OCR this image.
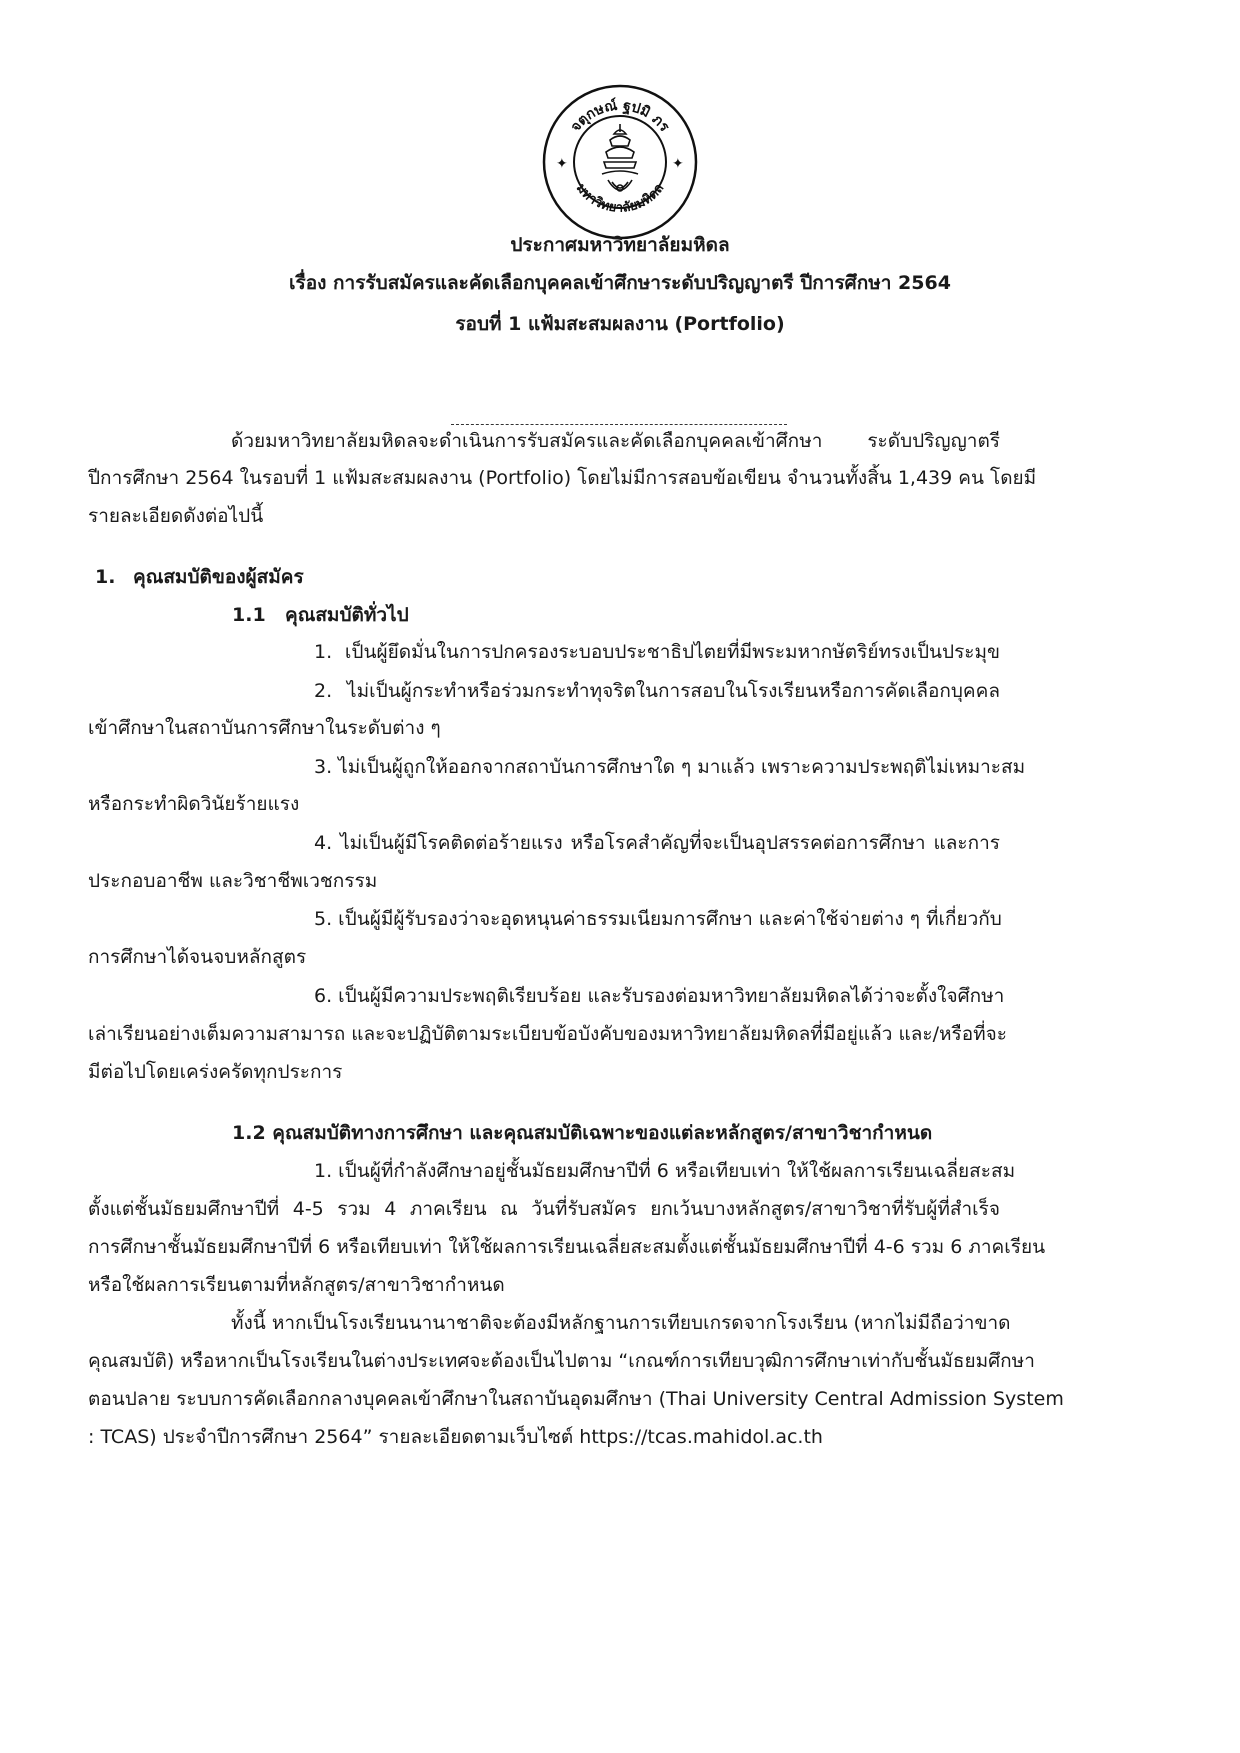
จตุกษณ์ ฐปมิ ภร
มหาวิทยาลัยมหิดล
✦	✦
ประกาศมหาวิทยาลัยมหิดล
เรื่อง การรับสมัครและคัดเลือกบุคคลเข้าศึกษาระดับปริญญาตรี ปีการศึกษา 2564
รอบที่ 1 แฟ้มสะสมผลงาน (Portfolio)
ด้วยมหาวิทยาลัยมหิดลจะดำเนินการรับสมัครและคัดเลือกบุคคลเข้าศึกษา ระดับปริญญาตรี
ปีการศึกษา 2564 ในรอบที่ 1 แฟ้มสะสมผลงาน (Portfolio) โดยไม่มีการสอบข้อเขียน จำนวนทั้งสิ้น 1,439 คน โดยมี
รายละเอียดดังต่อไปนี้
1. คุณสมบัติของผู้สมัคร
1.1 คุณสมบัติทั่วไป
1. เป็นผู้ยึดมั่นในการปกครองระบอบประชาธิปไตยที่มีพระมหากษัตริย์ทรงเป็นประมุข
2. ไม่เป็นผู้กระทำหรือร่วมกระทำทุจริตในการสอบในโรงเรียนหรือการคัดเลือกบุคคล
เข้าศึกษาในสถาบันการศึกษาในระดับต่าง ๆ
3. ไม่เป็นผู้ถูกให้ออกจากสถาบันการศึกษาใด ๆ มาแล้ว เพราะความประพฤติไม่เหมาะสม
หรือกระทำผิดวินัยร้ายแรง
4. ไม่เป็นผู้มีโรคติดต่อร้ายแรง หรือโรคสำคัญที่จะเป็นอุปสรรคต่อการศึกษา และการ
ประกอบอาชีพ และวิชาชีพเวชกรรม
5. เป็นผู้มีผู้รับรองว่าจะอุดหนุนค่าธรรมเนียมการศึกษา และค่าใช้จ่ายต่าง ๆ ที่เกี่ยวกับ
การศึกษาได้จนจบหลักสูตร
6. เป็นผู้มีความประพฤติเรียบร้อย และรับรองต่อมหาวิทยาลัยมหิดลได้ว่าจะตั้งใจศึกษา
เล่าเรียนอย่างเต็มความสามารถ และจะปฏิบัติตามระเบียบข้อบังคับของมหาวิทยาลัยมหิดลที่มีอยู่แล้ว และ/หรือที่จะ
มีต่อไปโดยเคร่งครัดทุกประการ
1.2 คุณสมบัติทางการศึกษา และคุณสมบัติเฉพาะของแต่ละหลักสูตร/สาขาวิชากำหนด
1. เป็นผู้ที่กำลังศึกษาอยู่ชั้นมัธยมศึกษาปีที่ 6 หรือเทียบเท่า ให้ใช้ผลการเรียนเฉลี่ยสะสม
ตั้งแต่ชั้นมัธยมศึกษาปีที่ 4-5 รวม 4 ภาคเรียน ณ วันที่รับสมัคร ยกเว้นบางหลักสูตร/สาขาวิชาที่รับผู้ที่สำเร็จ
การศึกษาชั้นมัธยมศึกษาปีที่ 6 หรือเทียบเท่า ให้ใช้ผลการเรียนเฉลี่ยสะสมตั้งแต่ชั้นมัธยมศึกษาปีที่ 4-6 รวม 6 ภาคเรียน
หรือใช้ผลการเรียนตามที่หลักสูตร/สาขาวิชากำหนด
ทั้งนี้ หากเป็นโรงเรียนนานาชาติจะต้องมีหลักฐานการเทียบเกรดจากโรงเรียน (หากไม่มีถือว่าขาด
คุณสมบัติ) หรือหากเป็นโรงเรียนในต่างประเทศจะต้องเป็นไปตาม “เกณฑ์การเทียบวุฒิการศึกษาเท่ากับชั้นมัธยมศึกษา
ตอนปลาย ระบบการคัดเลือกกลางบุคคลเข้าศึกษาในสถาบันอุดมศึกษา (Thai University Central Admission System
: TCAS) ประจำปีการศึกษา 2564” รายละเอียดตามเว็บไซต์ https://tcas.mahidol.ac.th
